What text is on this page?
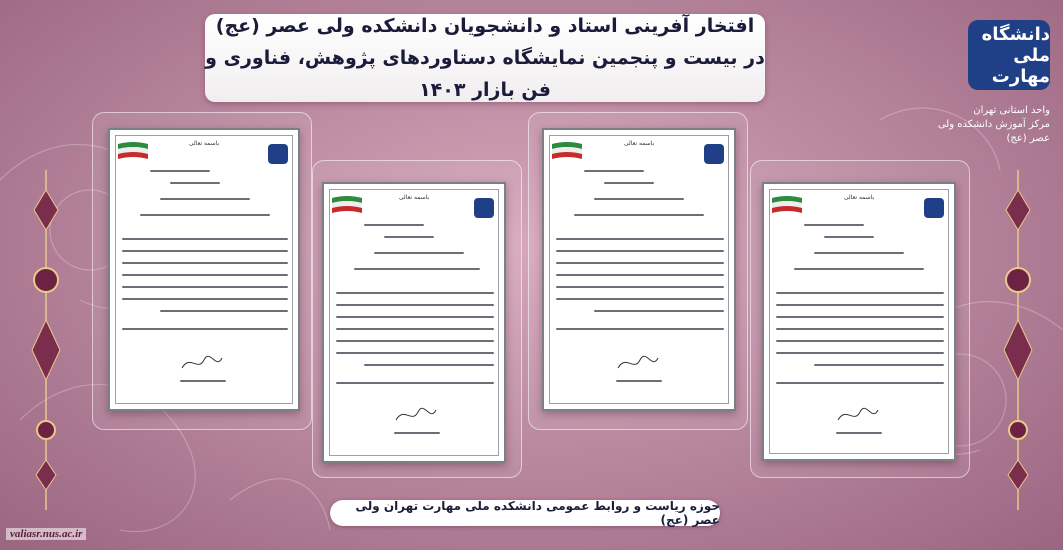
افتخار آفرینی استاد و دانشجویان دانشکده ولی عصر (عج)
در بیست و پنجمین نمایشگاه دستاوردهای پژوهش، فناوری و فن بازار ۱۴۰۳
دانشگاه ملی مهارت
واحد استانی تهران
مرکز آموزش دانشکده ولی عصر (عج)
باسمه تعالی
باسمه تعالی
باسمه تعالی
باسمه تعالی
حوزه ریاست و روابط عمومی دانشکده ملی مهارت تهران ولی عصر (عج)
valiasr.nus.ac.ir
